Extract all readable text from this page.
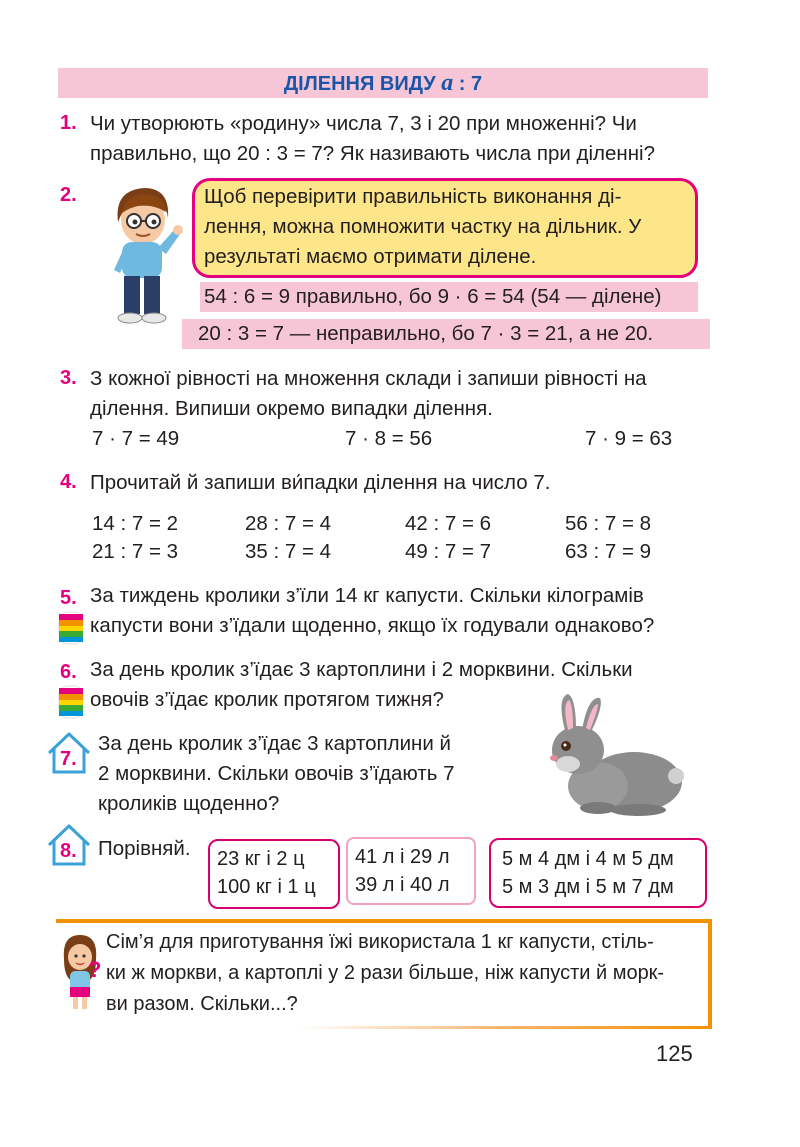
ДІЛЕННЯ ВИДУ a : 7
1. Чи утворюють «родину» числа 7, 3 і 20 при множенні? Чи
правильно, що 20 : 3 = 7? Як називають числа при діленні?
2.	Щоб перевірити правильність виконання ді-
лення, можна помножити частку на дільник. У
результаті маємо отримати ділене.
54 : 6 = 9 правильно, бо 9 · 6 = 54 (54 — ділене)
20 : 3 = 7 — неправильно, бо 7 · 3 = 21, а не 20.
3. З кожної рівності на множення склади і запиши рівності на
ділення. Випиши окремо випадки ділення.
7 · 7 = 49	7 · 8 = 56	7 · 9 = 63
4. Прочитай й запиши ви́падки ділення на число 7.
14 : 7 = 2	28 : 7 = 4	42 : 7 = 6	56 : 7 = 8
21 : 7 = 3	35 : 7 = 4	49 : 7 = 7	63 : 7 = 9
5. За тиждень кролики з’їли 14 кг капусти. Скільки кілограмів
капусти вони з’їдали щоденно, якщо їх годували однаково?
6. За день кролик з’їдає 3 картоплини і 2 морквини. Скільки
овочів з’їдає кролик протягом тижня?
7.
За день кролик з’їдає 3 картоплини й
2 морквини. Скільки овочів з’їдають 7
кроликів щоденно?
8. Порівняй. 23 кг і 2 ц
100 кг і 1 ц
41 л і 29 л
39 л і 40 л
5 м 4 дм і 4 м 5 дм
5 м 3 дм і 5 м 7 дм
?
Сім’я для приготування їжі використала 1 кг капусти, стіль-
ки ж моркви, а картоплі у 2 рази більше, ніж капусти й морк-
ви разом. Скільки...?
125
